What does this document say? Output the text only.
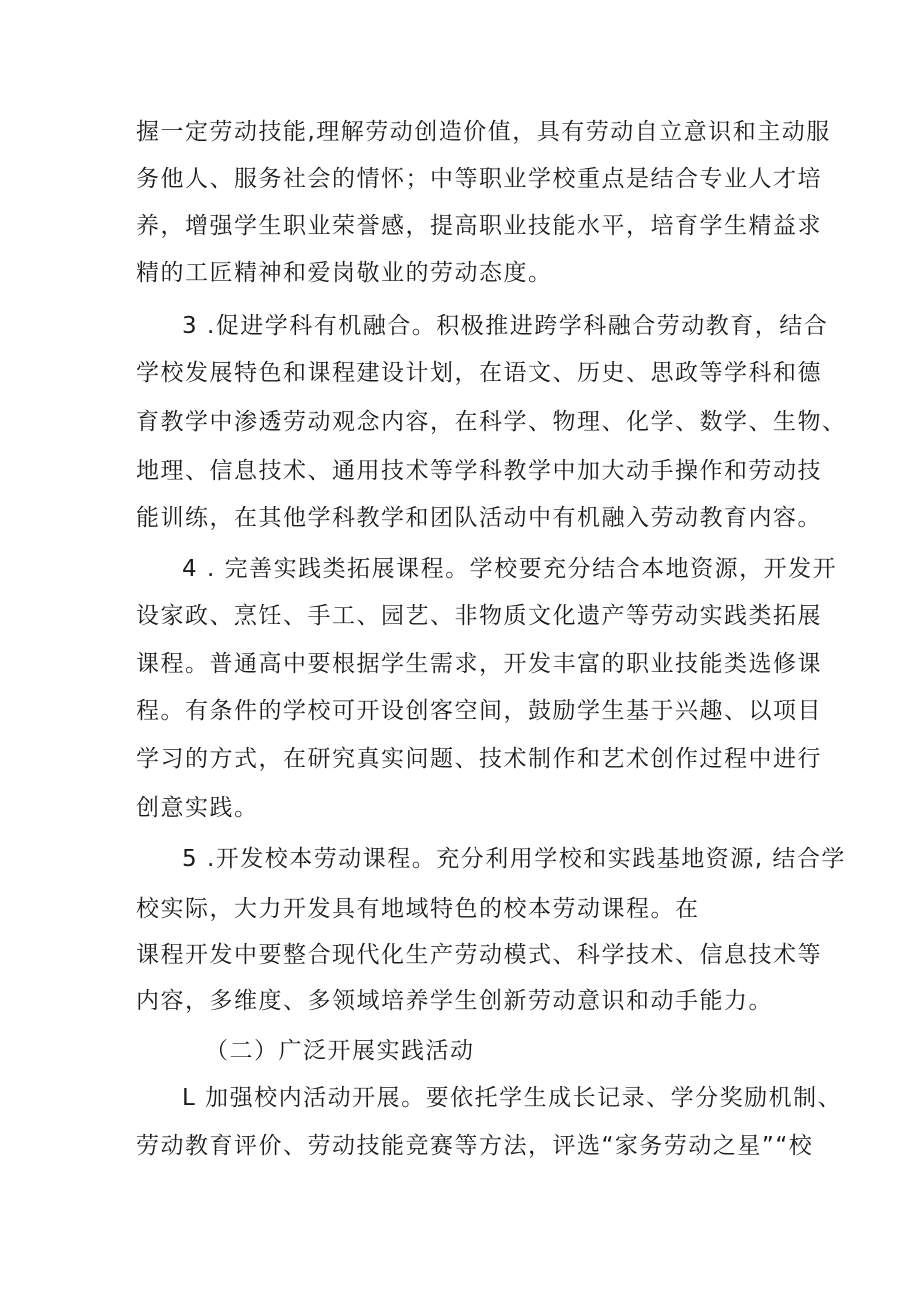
握一定劳动技能,理解劳动创造价值，具有劳动自立意识和主动服
务他人、服务社会的情怀；中等职业学校重点是结合专业人才培
养，增强学生职业荣誉感，提高职业技能水平，培育学生精益求
精的工匠精神和爱岗敬业的劳动态度。
3 .促进学科有机融合。积极推进跨学科融合劳动教育，结合
学校发展特色和课程建设计划，在语文、历史、思政等学科和德
育教学中渗透劳动观念内容，在科学、物理、化学、数学、生物、
地理、信息技术、通用技术等学科教学中加大动手操作和劳动技
能训练，在其他学科教学和团队活动中有机融入劳动教育内容。
4 . 完善实践类拓展课程。学校要充分结合本地资源，开发开
设家政、烹饪、手工、园艺、非物质文化遗产等劳动实践类拓展
课程。普通高中要根据学生需求，开发丰富的职业技能类选修课
程。有条件的学校可开设创客空间，鼓励学生基于兴趣、以项目
学习的方式，在研究真实问题、技术制作和艺术创作过程中进行
创意实践。
5 .开发校本劳动课程。充分利用学校和实践基地资源, 结合学
校实际，大力开发具有地域特色的校本劳动课程。在
课程开发中要整合现代化生产劳动模式、科学技术、信息技术等
内容，多维度、多领域培养学生创新劳动意识和动手能力。
（二）广泛开展实践活动
L 加强校内活动开展。要依托学生成长记录、学分奖励机制、
劳动教育评价、劳动技能竞赛等方法，评选“家务劳动之星”“校
